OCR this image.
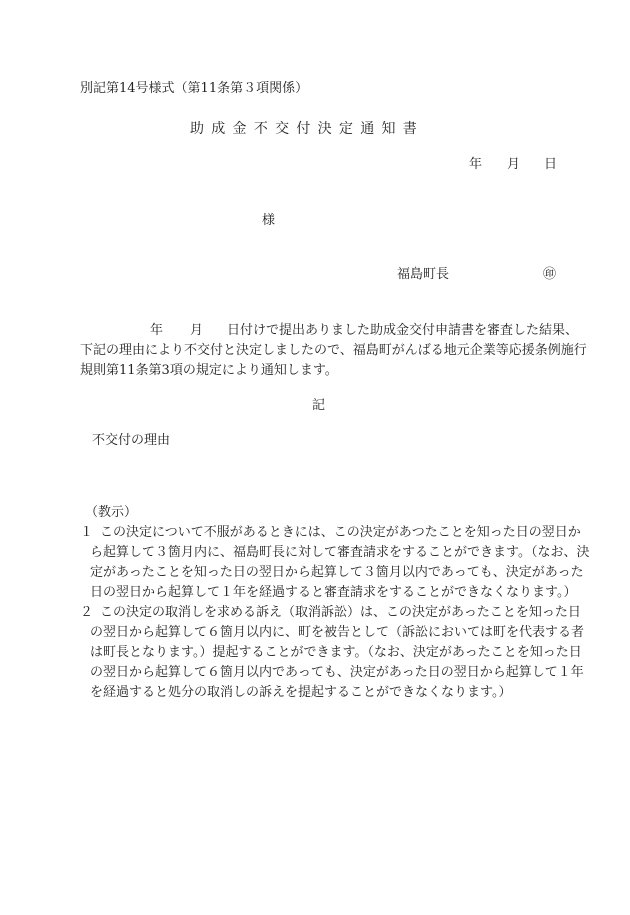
別記第14号様式（第11条第３項関係）
助成金不交付決定通知書
年 月 日
様
福島町長	㊞
年 月 日付けで提出ありました助成金交付申請書を審査した結果、
下記の理由により不交付と決定しましたので、福島町がんばる地元企業等応援条例施行
規則第11条第3項の規定により通知します。
記
不交付の理由
（教示）
１ この決定について不服があるときには、この決定があつたことを知った日の翌日か
ら起算して３箇月内に、福島町長に対して審査請求をすることができます。（なお、決
定があったことを知った日の翌日から起算して３箇月以内であっても、決定があった
日の翌日から起算して１年を経過すると審査請求をすることができなくなります。）
２ この決定の取消しを求める訴え（取消訴訟）は、この決定があったことを知った日
の翌日から起算して６箇月以内に、町を被告として（訴訟においては町を代表する者
は町長となります。）提起することができます。（なお、決定があったことを知った日
の翌日から起算して６箇月以内であっても、決定があった日の翌日から起算して１年
を経過すると処分の取消しの訴えを提起することができなくなります。）
